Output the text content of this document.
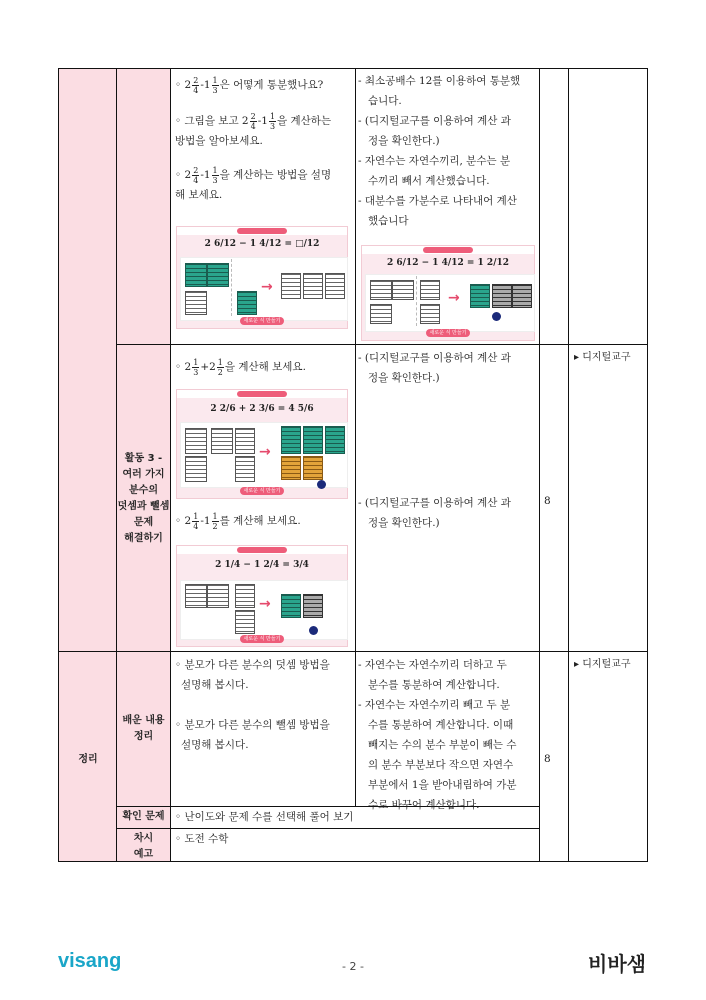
정리
◦ $2 \frac{2}{4} -1 \frac{1}{3}$ 은 어떻게 통분했나요?
◦ 그림을 보고 $2 \frac{2}{4} -1 \frac{1}{3}$ 을 계산하는
방법을 알아보세요.
◦ $2 \frac{2}{4} -1 \frac{1}{3}$ 을 계산하는 방법을 설명
해 보세요.
2 6/12 − 1 4/12 = □/12
→
새로운 식 만들기
- 최소공배수 12를 이용하여 통분했
습니다.
- (디지털교구를 이용하여 계산 과
정을 확인한다.)
- 자연수는 자연수끼리, 분수는 분
수끼리 빼서 계산했습니다.
- 대분수를 가분수로 나타내어 계산
했습니다
2 6/12 − 1 4/12 = 1 2/12
→
새로운 식 만들기
활동 3 -
여러 가지
분수의
덧셈과 뺄셈
문제
해결하기
◦ $2 \frac{1}{3} +2 \frac{1}{2}$ 을 계산해 보세요.
2 2/6 + 2 3/6 = 4 5/6
→
새로운 식 만들기
◦ $2 \frac{1}{4} -1 \frac{1}{2}$ 를 계산해 보세요.
2 1/4 − 1 2/4 = 3/4
→
새로운 식 만들기
- (디지털교구를 이용하여 계산 과
정을 확인한다.)
- (디지털교구를 이용하여 계산 과
정을 확인한다.)
8
▸ 디지털교구
배운 내용
정리
◦ 분모가 다른 분수의 덧셈 방법을
설명해 봅시다.
◦ 분모가 다른 분수의 뺄셈 방법을
설명해 봅시다.
- 자연수는 자연수끼리 더하고 두
분수를 통분하여 계산합니다.
- 자연수는 자연수끼리 빼고 두 분
수를 통분하여 계산합니다. 이때
빼지는 수의 분수 부분이 빼는 수
의 분수 부분보다 작으면 자연수
부분에서 1을 받아내림하여 가분
수로 바꾸어 계산합니다.
8
▸ 디지털교구
확인 문제 ◦ 난이도와 문제 수를 선택해 풀어 보기
차시
예고
◦ 도전 수학
visang	- 2 -	비바샘
